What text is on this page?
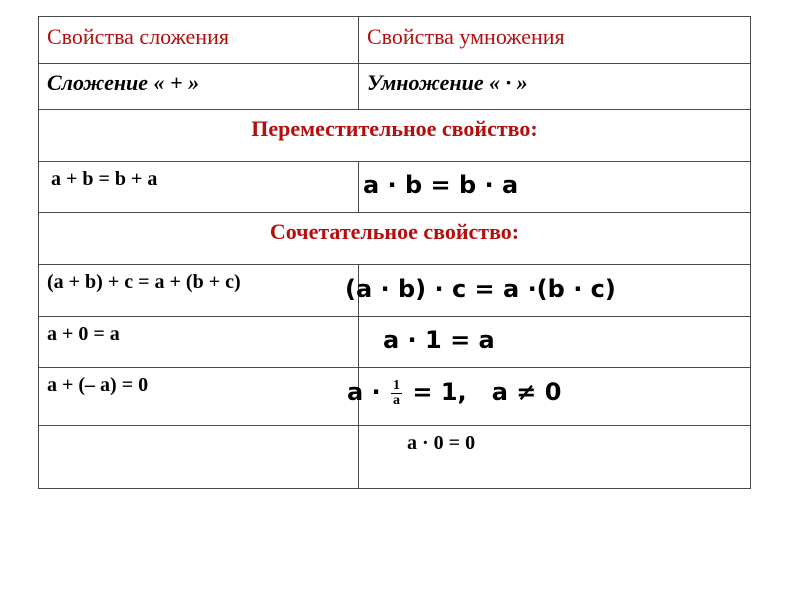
Свойства сложения	Свойства умножения

Сложение « + »	Умножение « · »

Переместительное свойство:	

a + b = b + a	a · b = b · a

Сочетательное свойство:	

(a + b) + c = a + (b + c)	(a · b) · c = a ·(b · c)

a + 0 = a	a · 1 = a

a + (– a) = 0	$a \cdot \frac{1}{a} = 1$,   a ≠ 0

	a · 0 = 0
